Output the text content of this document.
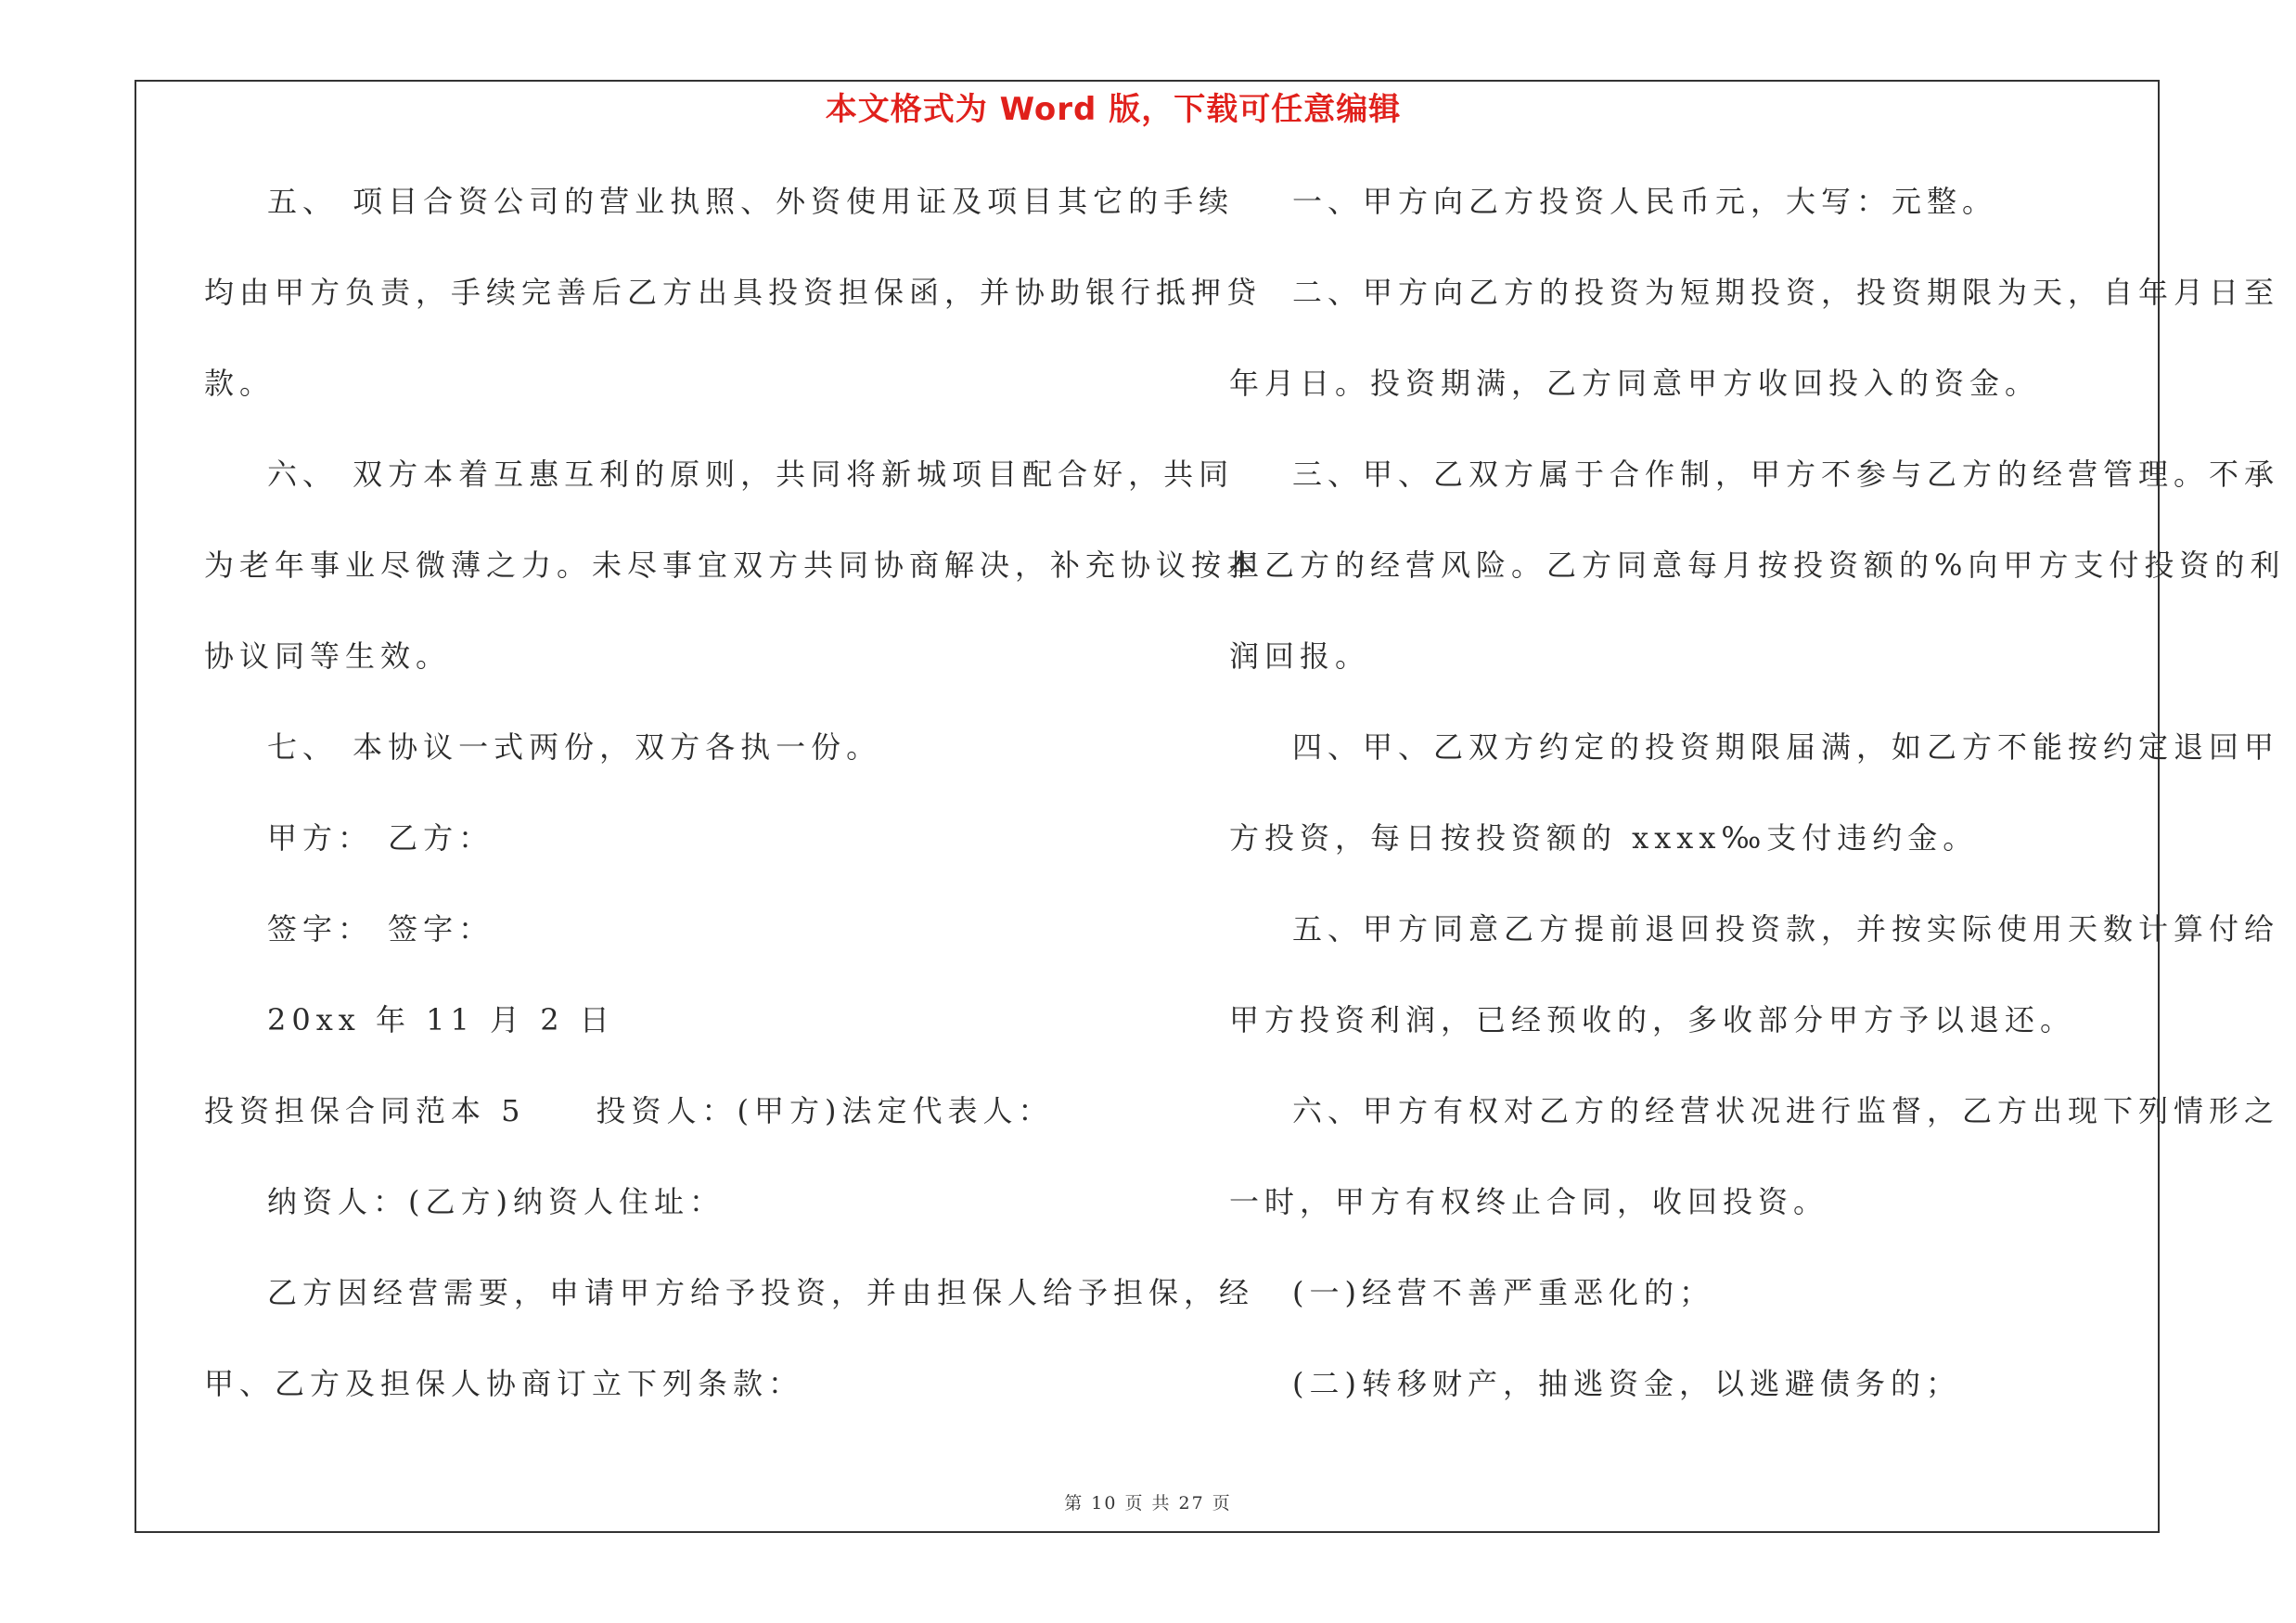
本文格式为 Word 版，下载可任意编辑
五、 项目合资公司的营业执照、外资使用证及项目其它的手续
均由甲方负责，手续完善后乙方出具投资担保函，并协助银行抵押贷
款。
六、 双方本着互惠互利的原则，共同将新城项目配合好，共同
为老年事业尽微薄之力。未尽事宜双方共同协商解决，补充协议按本
协议同等生效。
七、 本协议一式两份，双方各执一份。
甲方： 乙方：
签字： 签字：
20xx 年 11 月 2 日
投资担保合同范本 5　　投资人：(甲方)法定代表人：
纳资人：(乙方)纳资人住址：
乙方因经营需要，申请甲方给予投资，并由担保人给予担保，经
甲、乙方及担保人协商订立下列条款：
一、甲方向乙方投资人民币元，大写：元整。
二、甲方向乙方的投资为短期投资，投资期限为天，自年月日至
年月日。投资期满，乙方同意甲方收回投入的资金。
三、甲、乙双方属于合作制，甲方不参与乙方的经营管理。不承
担乙方的经营风险。乙方同意每月按投资额的%向甲方支付投资的利
润回报。
四、甲、乙双方约定的投资期限届满，如乙方不能按约定退回甲
方投资，每日按投资额的 xxxx‰支付违约金。
五、甲方同意乙方提前退回投资款，并按实际使用天数计算付给
甲方投资利润，已经预收的，多收部分甲方予以退还。
六、甲方有权对乙方的经营状况进行监督，乙方出现下列情形之
一时，甲方有权终止合同，收回投资。
(一)经营不善严重恶化的；
(二)转移财产，抽逃资金，以逃避债务的；
第 10 页 共 27 页
